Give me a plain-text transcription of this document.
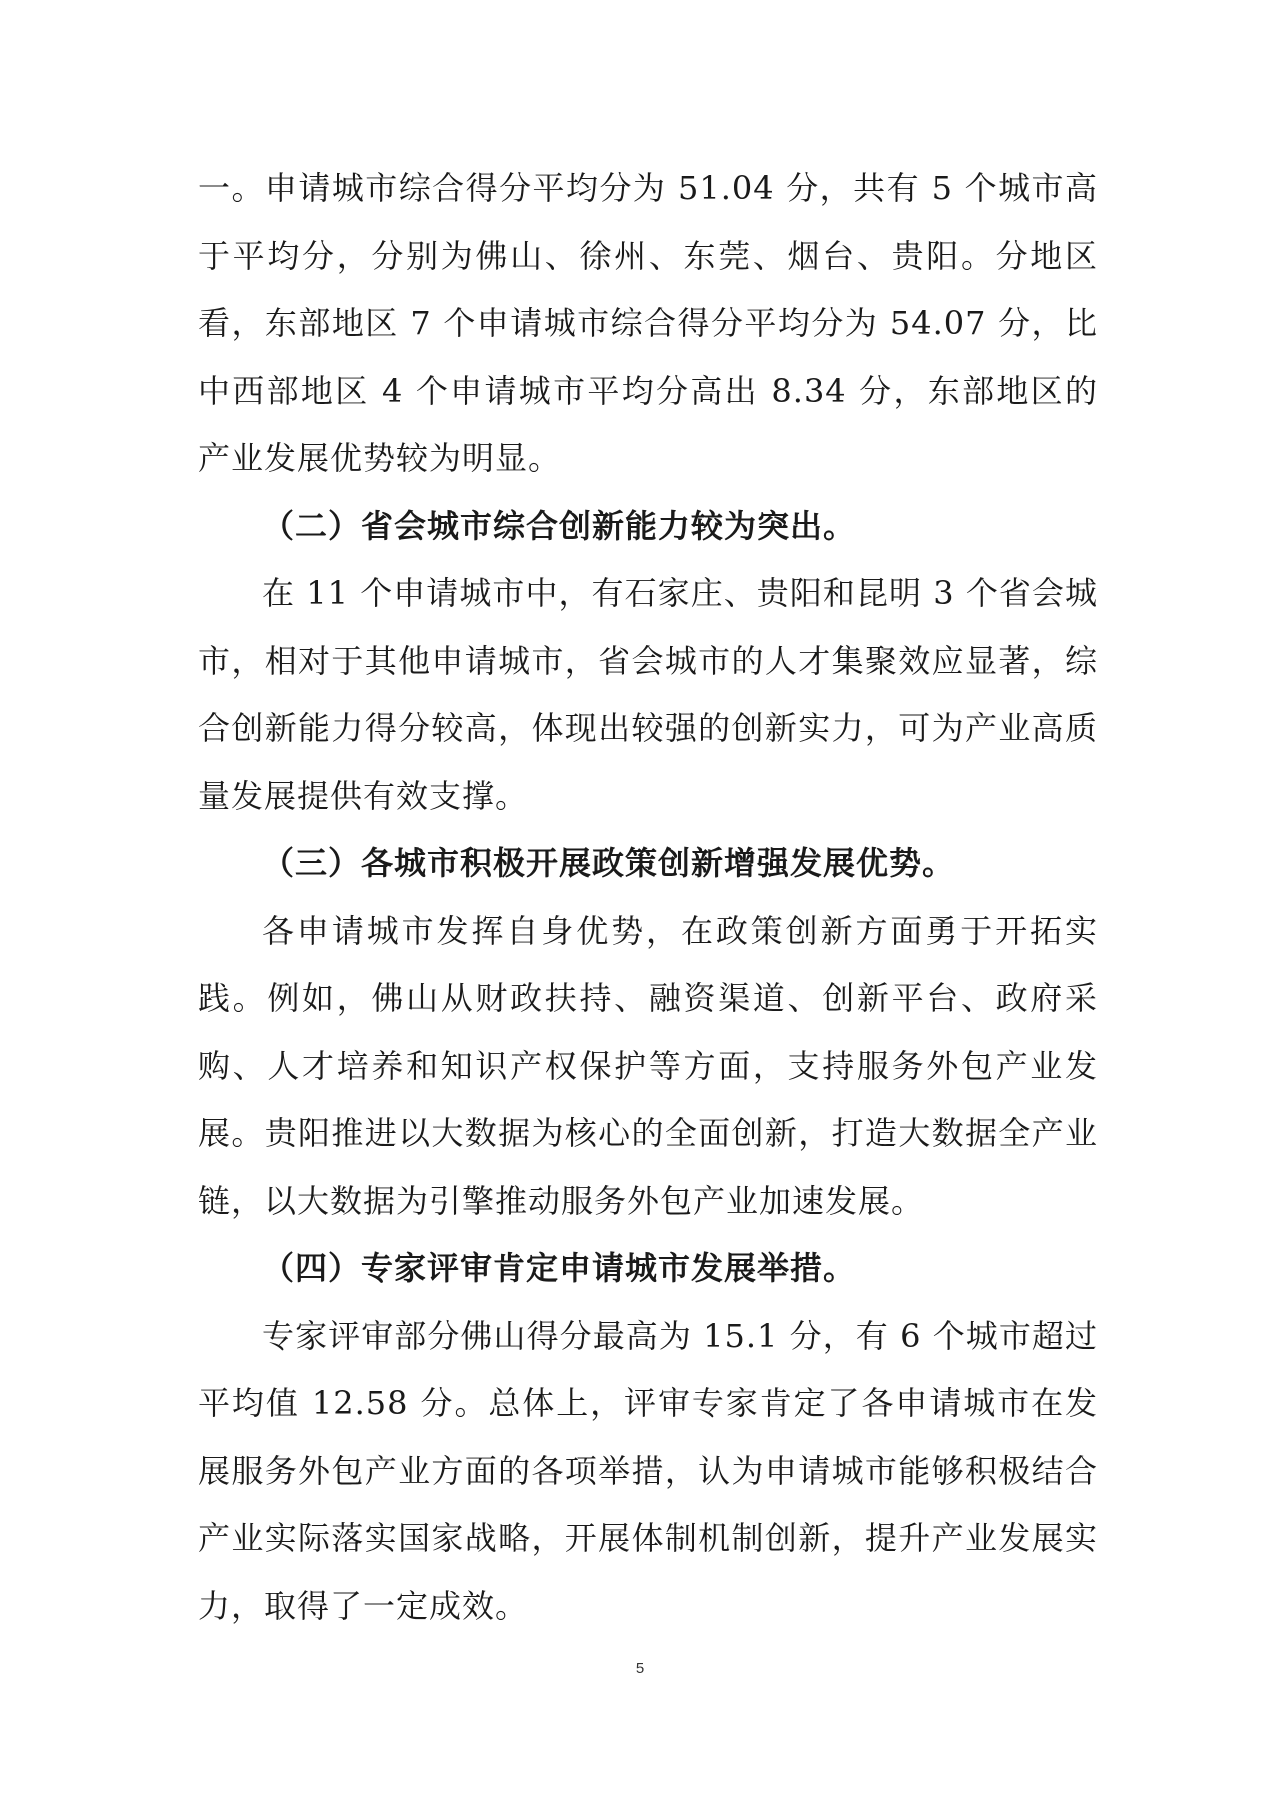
一。申请城市综合得分平均分为 51.04 分，共有 5 个城市高于平均分，分别为佛山、徐州、东莞、烟台、贵阳。分地区看，东部地区 7 个申请城市综合得分平均分为 54.07 分，比中西部地区 4 个申请城市平均分高出 8.34 分，东部地区的产业发展优势较为明显。

（二）省会城市综合创新能力较为突出。

在 11 个申请城市中，有石家庄、贵阳和昆明 3 个省会城市，相对于其他申请城市，省会城市的人才集聚效应显著，综合创新能力得分较高，体现出较强的创新实力，可为产业高质量发展提供有效支撑。

（三）各城市积极开展政策创新增强发展优势。

各申请城市发挥自身优势，在政策创新方面勇于开拓实践。例如，佛山从财政扶持、融资渠道、创新平台、政府采购、人才培养和知识产权保护等方面，支持服务外包产业发展。贵阳推进以大数据为核心的全面创新，打造大数据全产业链，以大数据为引擎推动服务外包产业加速发展。

（四）专家评审肯定申请城市发展举措。

专家评审部分佛山得分最高为 15.1 分，有 6 个城市超过平均值 12.58 分。总体上，评审专家肯定了各申请城市在发展服务外包产业方面的各项举措，认为申请城市能够积极结合产业实际落实国家战略，开展体制机制创新，提升产业发展实力，取得了一定成效。

5
